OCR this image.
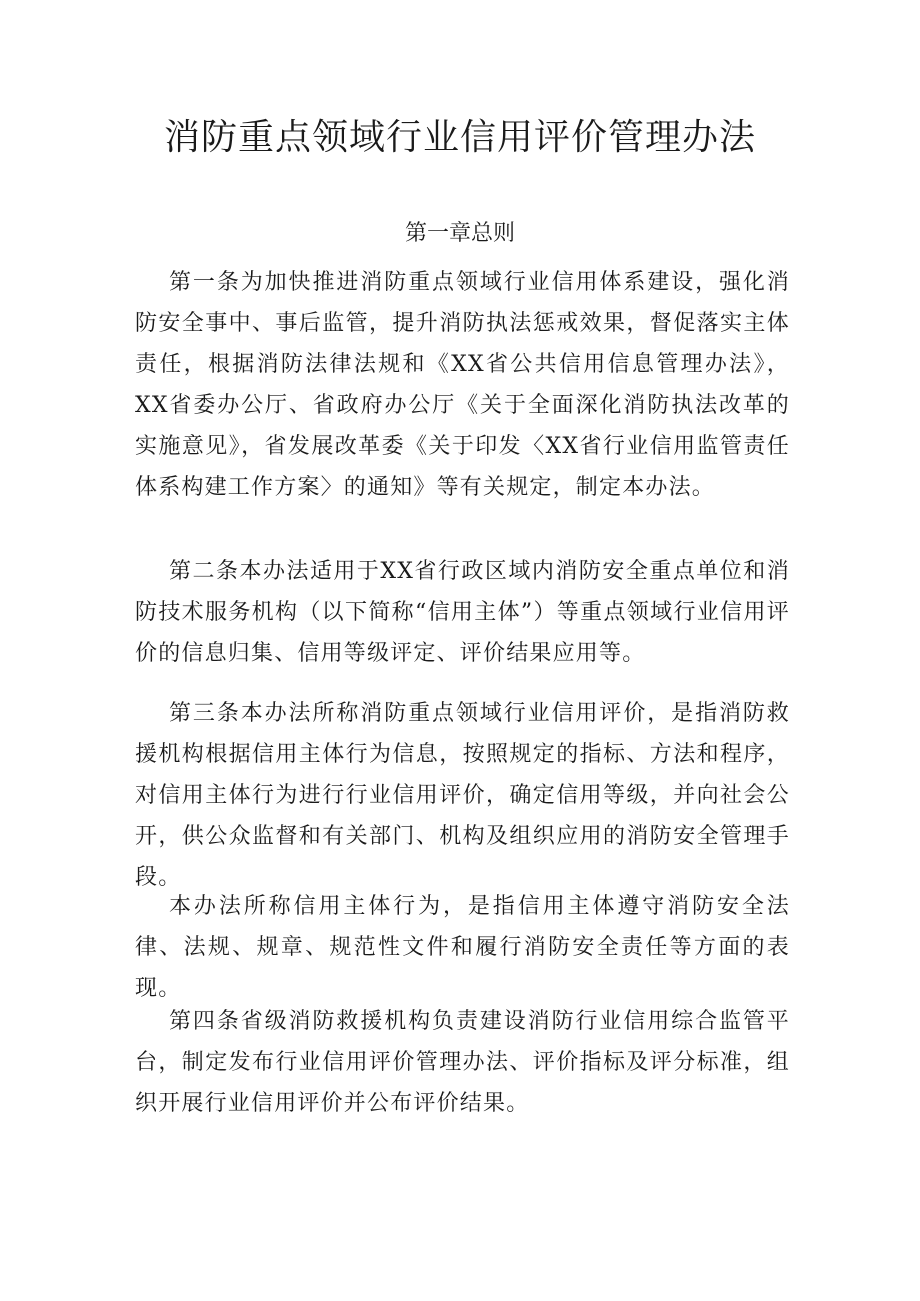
消防重点领域行业信用评价管理办法
第一章总则

第一条为加快推进消防重点领域行业信用体系建设，强化消防安全事中、事后监管，提升消防执法惩戒效果，督促落实主体责任，根据消防法律法规和《XX省公共信用信息管理办法》，XX省委办公厅、省政府办公厅《关于全面深化消防执法改革的实施意见》，省发展改革委《关于印发〈XX省行业信用监管责任体系构建工作方案〉的通知》等有关规定，制定本办法。

第二条本办法适用于XX省行政区域内消防安全重点单位和消防技术服务机构（以下简称“信用主体”）等重点领域行业信用评价的信息归集、信用等级评定、评价结果应用等。

第三条本办法所称消防重点领域行业信用评价，是指消防救援机构根据信用主体行为信息，按照规定的指标、方法和程序，对信用主体行为进行行业信用评价，确定信用等级，并向社会公开，供公众监督和有关部门、机构及组织应用的消防安全管理手段。

本办法所称信用主体行为，是指信用主体遵守消防安全法律、法规、规章、规范性文件和履行消防安全责任等方面的表现。

第四条省级消防救援机构负责建设消防行业信用综合监管平台，制定发布行业信用评价管理办法、评价指标及评分标准，组织开展行业信用评价并公布评价结果。
